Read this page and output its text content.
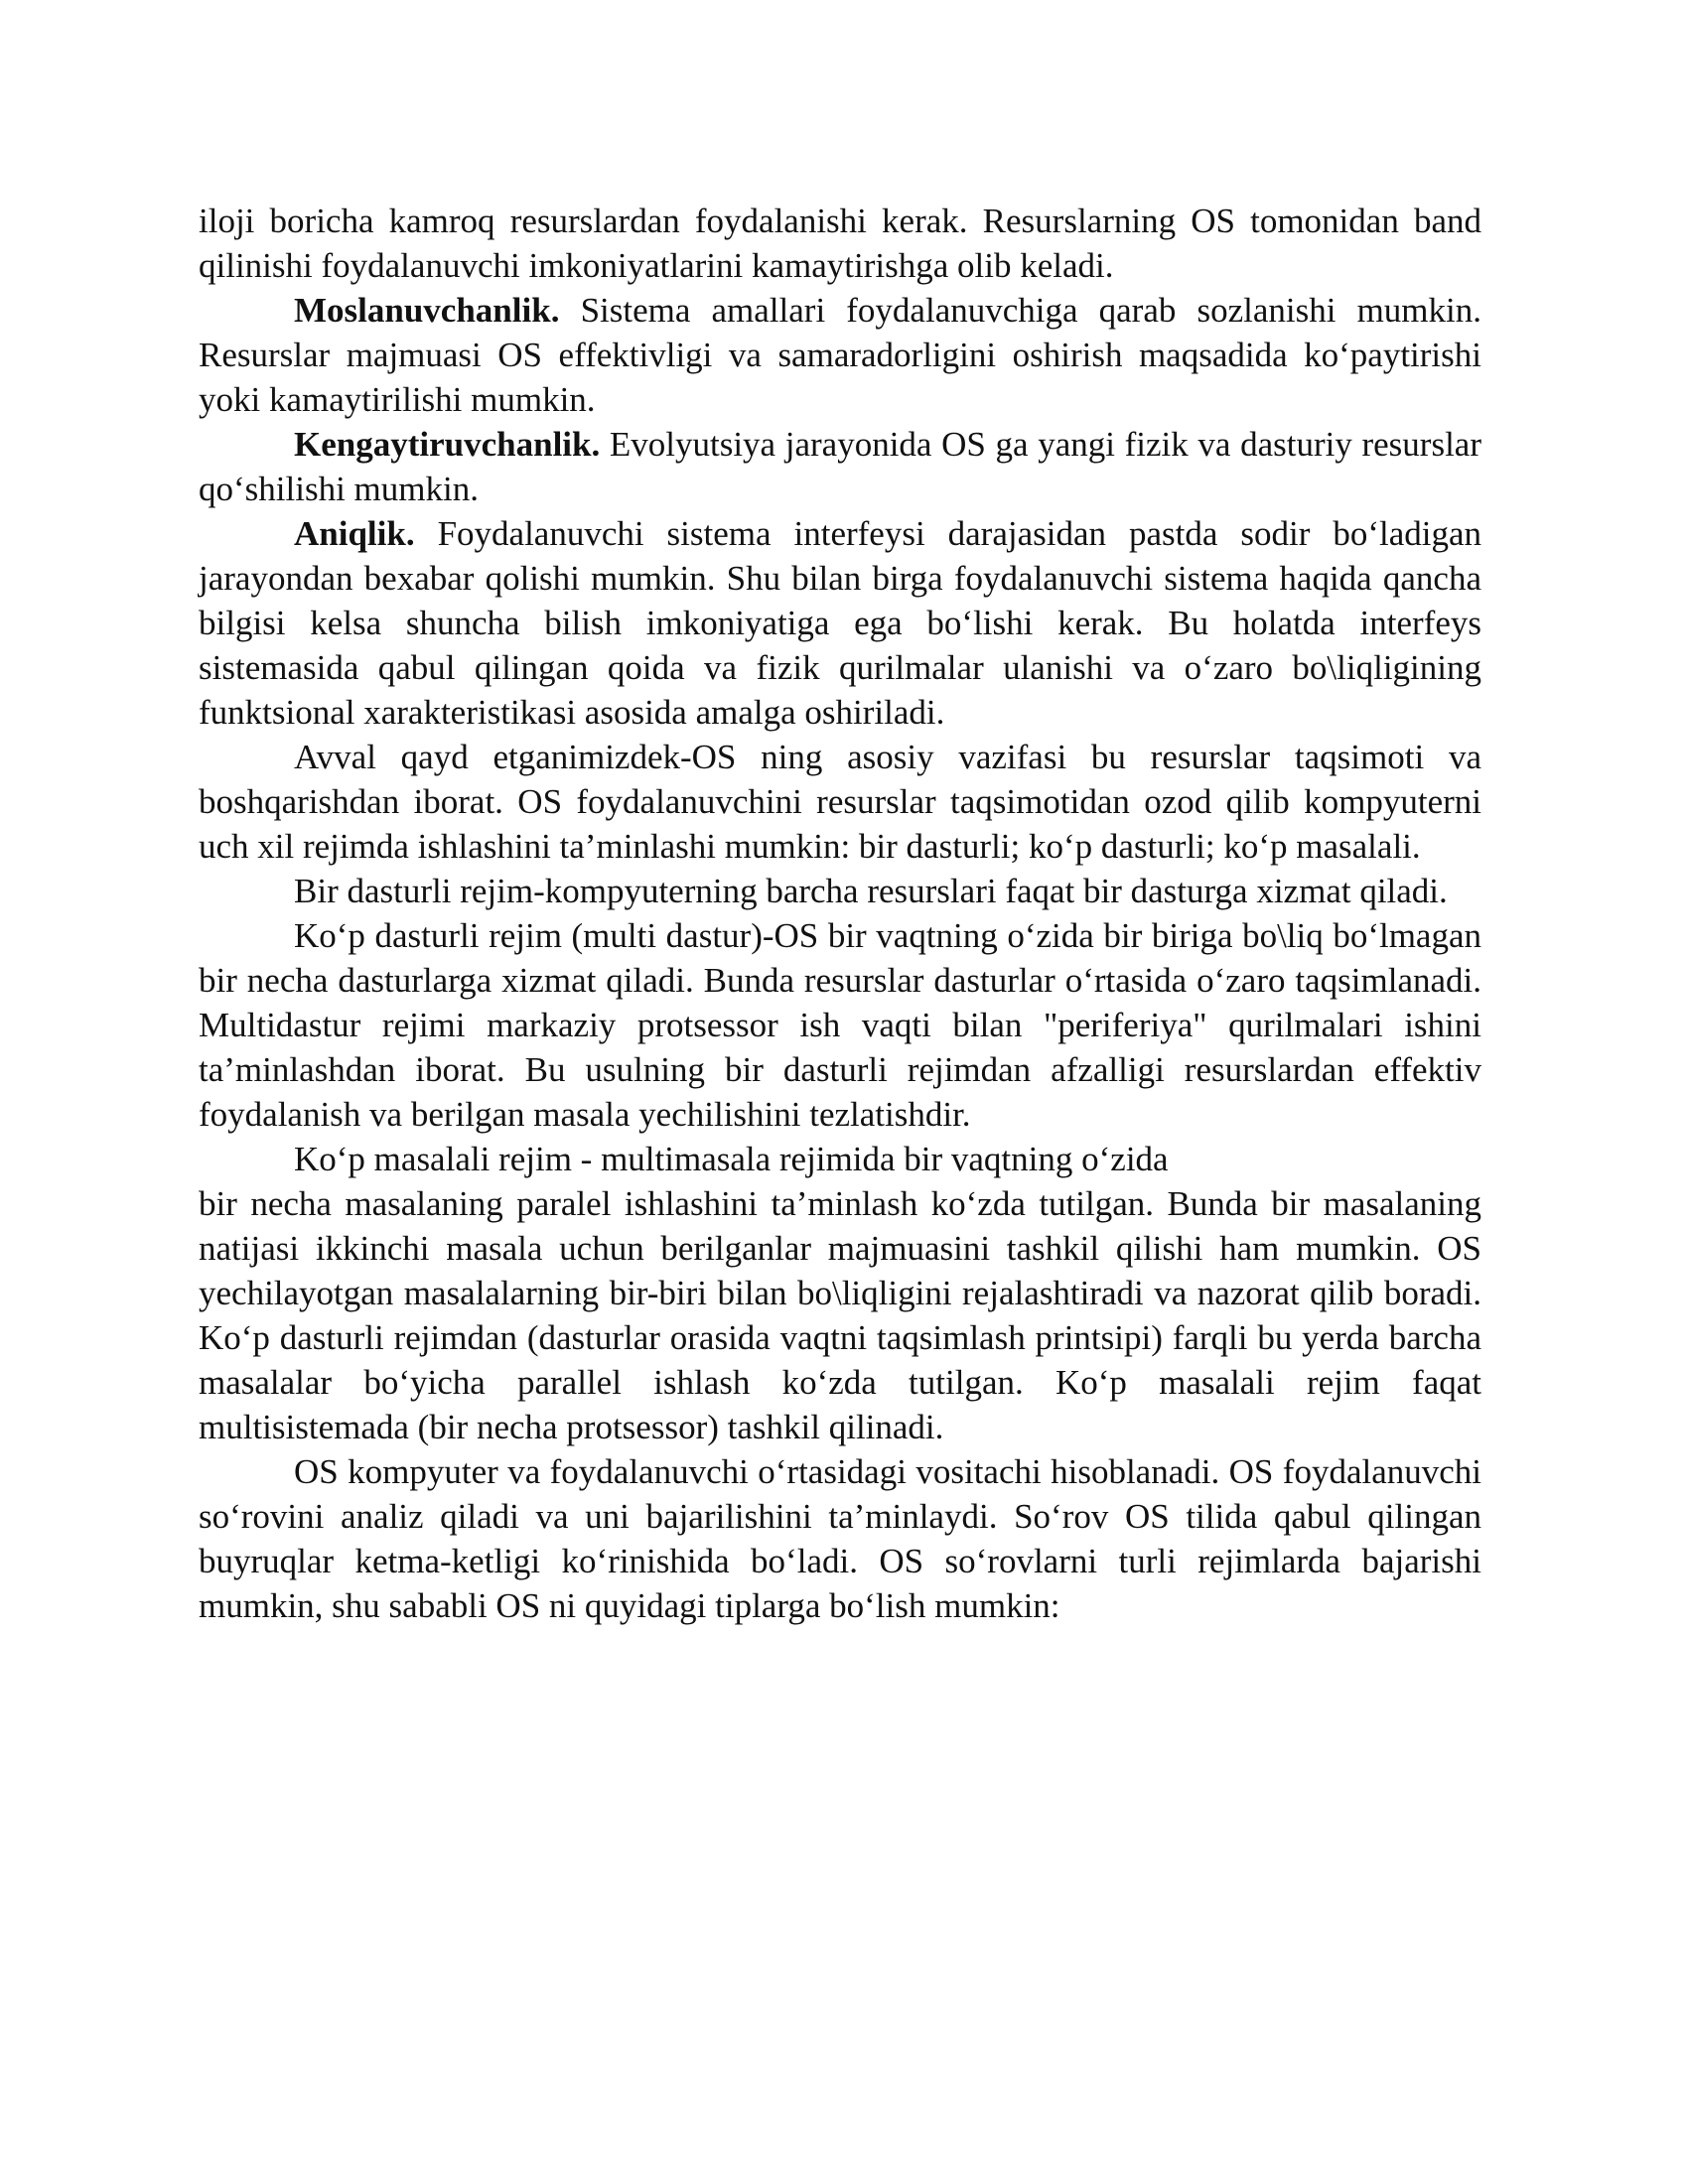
iloji boricha kamroq resurslardan foydalanishi kerak. Resurslarning OS tomonidan band qilinishi foydalanuvchi imkoniyatlarini kamaytirishga olib keladi.

Moslanuvchanlik. Sistema amallari foydalanuvchiga qarab sozlanishi mumkin. Resurslar majmuasi OS effektivligi va samaradorligini oshirish maqsadida ko‘paytirishi yoki kamaytirilishi mumkin.

Kengaytiruvchanlik. Evolyutsiya jarayonida OS ga yangi fizik va dasturiy resurslar qo‘shilishi mumkin.

Aniqlik. Foydalanuvchi sistema interfeysi darajasidan pastda sodir bo‘ladigan jarayondan bexabar qolishi mumkin. Shu bilan birga foydalanuvchi sistema haqida qancha bilgisi kelsa shuncha bilish imkoniyatiga ega bo‘lishi kerak. Bu holatda interfeys sistemasida qabul qilingan qoida va fizik qurilmalar ulanishi va o‘zaro bo\liqligining funktsional xarakteristikasi asosida amalga oshiriladi.

Avval qayd etganimizdek-OS ning asosiy vazifasi bu resurslar taqsimoti va boshqarishdan iborat. OS foydalanuvchini resurslar taqsimotidan ozod qilib kompyuterni uch xil rejimda ishlashini ta’minlashi mumkin: bir dasturli; ko‘p dasturli; ko‘p masalali.

Bir dasturli rejim-kompyuterning barcha resurslari faqat bir dasturga xizmat qiladi.

Ko‘p dasturli rejim (multi dastur)-OS bir vaqtning o‘zida bir biriga bo\liq bo‘lmagan bir necha dasturlarga xizmat qiladi. Bunda resurslar dasturlar o‘rtasida o‘zaro taqsimlanadi. Multidastur rejimi markaziy protsessor ish vaqti bilan "periferiya" qurilmalari ishini ta’minlashdan iborat. Bu usulning bir dasturli rejimdan afzalligi resurslardan effektiv foydalanish va berilgan masala yechilishini tezlatishdir.

Ko‘p masalali rejim - multimasala rejimida bir vaqtning o‘zida

bir necha masalaning paralel ishlashini ta’minlash ko‘zda tutilgan. Bunda bir masalaning natijasi ikkinchi masala uchun berilganlar majmuasini tashkil qilishi ham mumkin. OS yechilayotgan masalalarning bir-biri bilan bo\liqligini rejalashtiradi va nazorat qilib boradi. Ko‘p dasturli rejimdan (dasturlar orasida vaqtni taqsimlash printsipi) farqli bu yerda barcha masalalar bo‘yicha parallel ishlash ko‘zda tutilgan. Ko‘p masalali rejim faqat multisistemada (bir necha protsessor) tashkil qilinadi.

OS kompyuter va foydalanuvchi o‘rtasidagi vositachi hisoblanadi. OS foydalanuvchi so‘rovini analiz qiladi va uni bajarilishini ta’minlaydi. So‘rov OS tilida qabul qilingan buyruqlar ketma-ketligi ko‘rinishida bo‘ladi. OS so‘rovlarni turli rejimlarda bajarishi mumkin, shu sababli OS ni quyidagi tiplarga bo‘lish mumkin:
